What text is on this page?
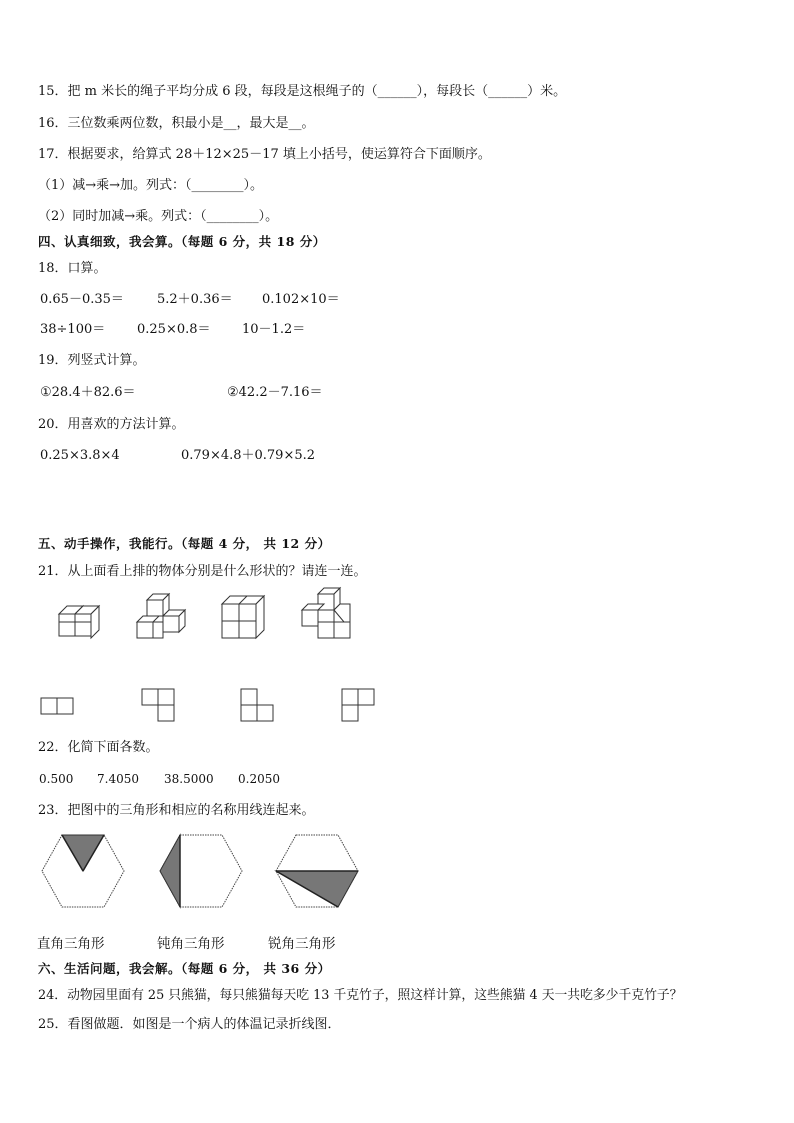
15．把 m 米长的绳子平均分成 6 段，每段是这根绳子的（______），每段长（______）米。
16．三位数乘两位数，积最小是__，最大是__。
17．根据要求，给算式 28＋12×25－17 填上小括号，使运算符合下面顺序。
（1）减→乘→加。列式：（________）。
（2）同时加减→乘。列式：（________）。
四、认真细致，我会算。（每题 6 分，共 18 分）
18．口算。
0.65－0.35＝	5.2＋0.36＝ 0.102×10＝
38÷100＝ 0.25×0.8＝ 10－1.2＝
19．列竖式计算。
①28.4＋82.6＝	②42.2－7.16＝
20．用喜欢的方法计算。
0.25×3.8×4	0.79×4.8＋0.79×5.2
五、动手操作，我能行。（每题 4 分， 共 12 分）
21．从上面看上排的物体分别是什么形状的？请连一连。
22．化简下面各数。
0.500 7.4050 38.5000 0.2050
23．把图中的三角形和相应的名称用线连起来。
直角三角形	钝角三角形	锐角三角形
六、生活问题，我会解。（每题 6 分， 共 36 分）
24．动物园里面有 25 只熊猫，每只熊猫每天吃 13 千克竹子，照这样计算，这些熊猫 4 天一共吃多少千克竹子？
25．看图做题．如图是一个病人的体温记录折线图．
